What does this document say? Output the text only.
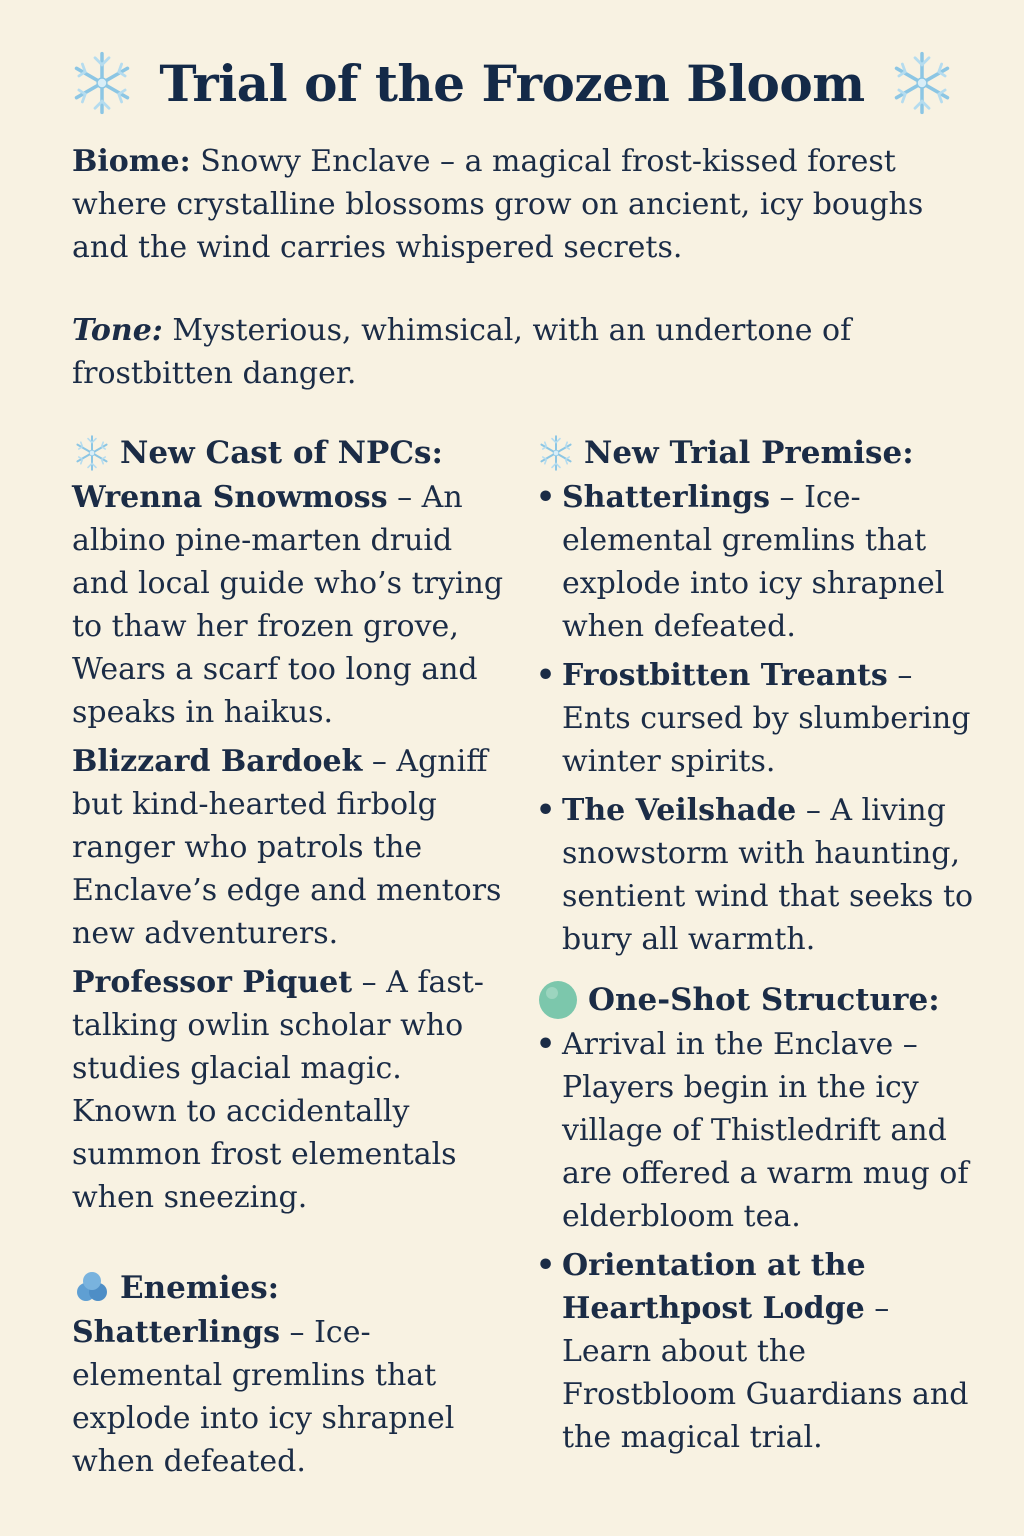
Trial of the Frozen Bloom

Biome: Snowy Enclave – a magical frost-kissed forest where crystalline blossoms grow on ancient, icy boughs and the wind carries whispered secrets.

Tone: Mysterious, whimsical, with an undertone of frostbitten danger.

New Cast of NPCs:
Wrenna Snowmoss – An albino pine-marten druid and local guide who’s trying to thaw her frozen grove, Wears a scarf too long and speaks in haikus.
Blizzard Bardoek – Agniff but kind-hearted firbolg ranger who patrols the Enclave’s edge and mentors new adventurers.
Professor Piquet – A fast-talking owlin scholar who studies glacial magic. Known to accidentally summon frost elementals when sneezing.
Enemies:
Shatterlings – Ice-elemental gremlins that explode into icy shrapnel when defeated.
New Trial Premise:
• Shatterlings – Ice-elemental gremlins that explode into icy shrapnel when defeated.
• Frostbitten Treants – Ents cursed by slumbering winter spirits.
• The Veilshade – A living snowstorm with haunting, sentient wind that seeks to bury all warmth.
One-Shot Structure:
• Arrival in the Enclave – Players begin in the icy village of Thistledrift and are offered a warm mug of elderbloom tea.
• Orientation at the Hearthpost Lodge – Learn about the Frostbloom Guardians and the magical trial.
